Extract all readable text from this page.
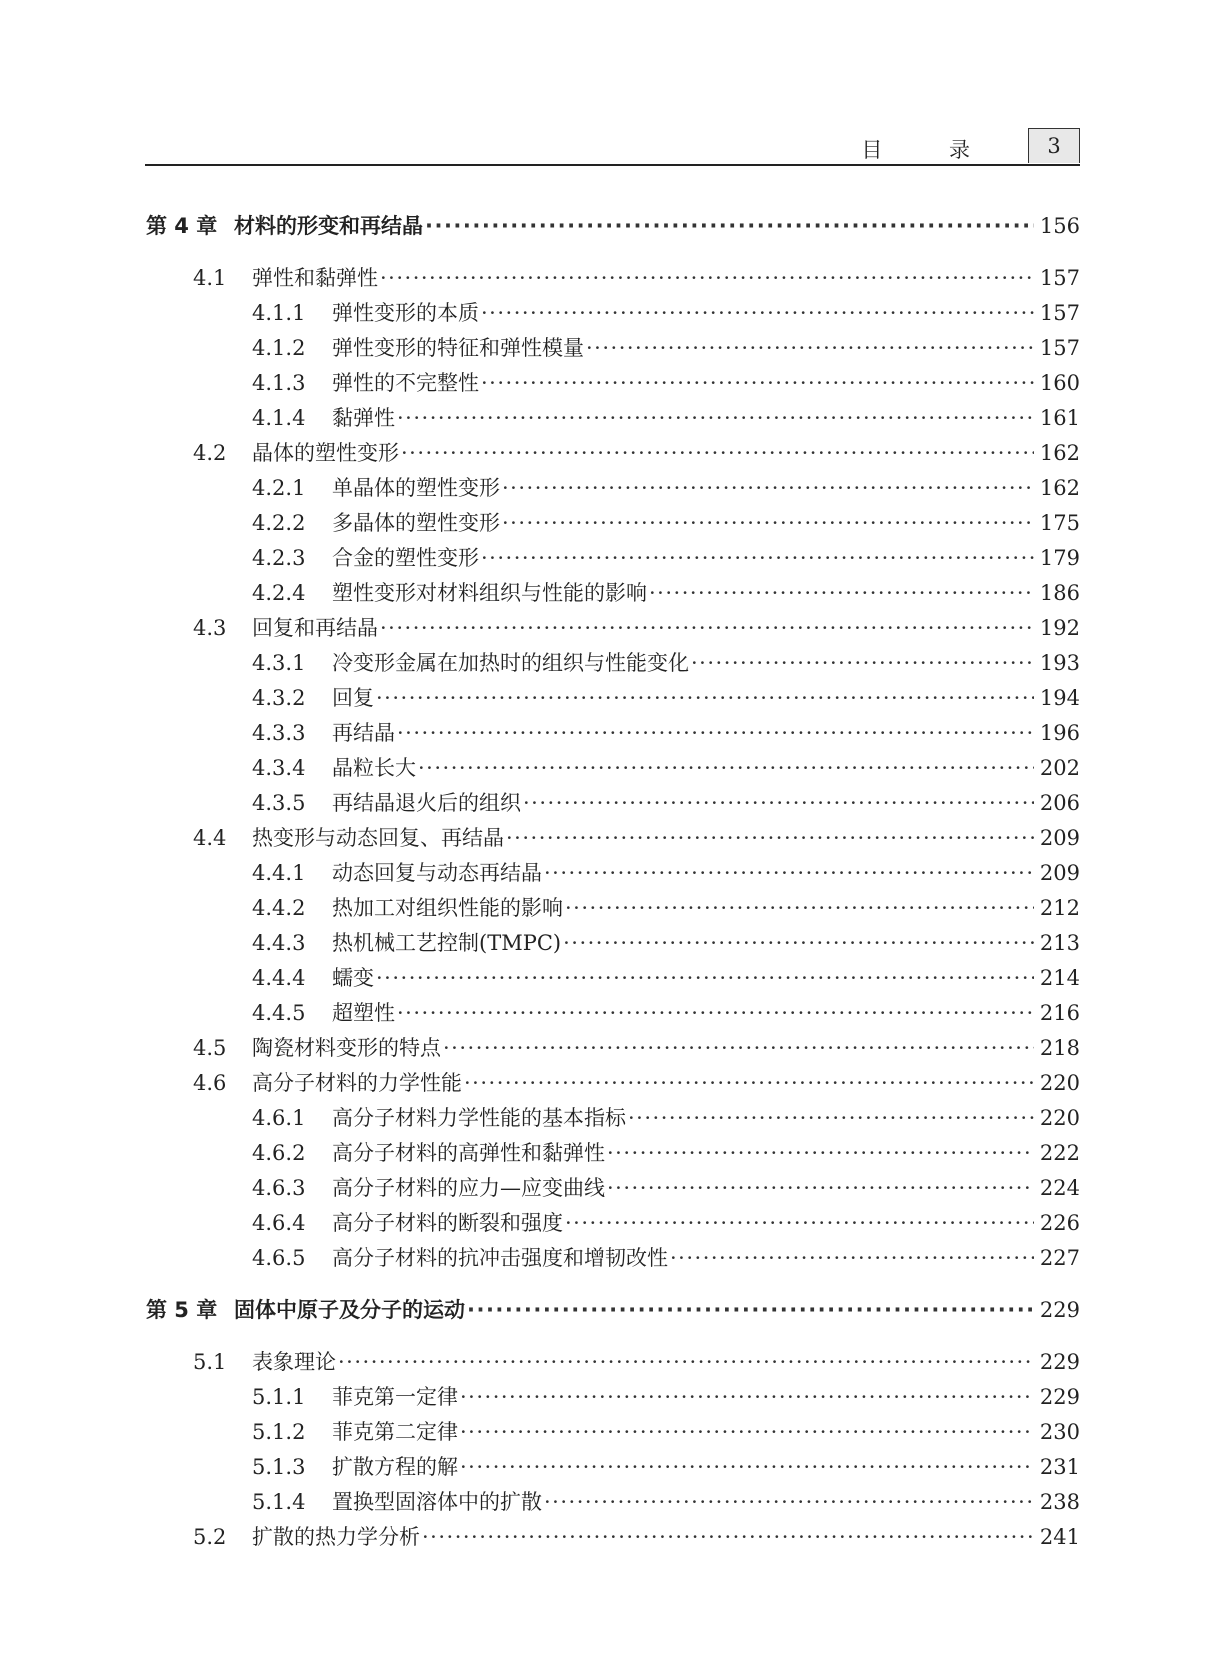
目 录	3
第 4 章 材料的形变和再结晶 ·····	156
4.1	弹性和黏弹性 ·····	157
4.1.1	弹性变形的本质 ·····	157
4.1.2	弹性变形的特征和弹性模量 ·····	157
4.1.3	弹性的不完整性 ·····	160
4.1.4	黏弹性 ·····	161
4.2	晶体的塑性变形 ·····	162
4.2.1	单晶体的塑性变形 ·····	162
4.2.2	多晶体的塑性变形 ·····	175
4.2.3	合金的塑性变形 ·····	179
4.2.4	塑性变形对材料组织与性能的影响 ·····	186
4.3	回复和再结晶 ·····	192
4.3.1	冷变形金属在加热时的组织与性能变化 ·····	193
4.3.2	回复 ·····	194
4.3.3	再结晶 ·····	196
4.3.4	晶粒长大 ·····	202
4.3.5	再结晶退火后的组织 ·····	206
4.4	热变形与动态回复、再结晶 ·····	209
4.4.1	动态回复与动态再结晶 ·····	209
4.4.2	热加工对组织性能的影响 ·····	212
4.4.3	热机械工艺控制(TMPC) ·····	213
4.4.4	蠕变 ·····	214
4.4.5	超塑性 ·····	216
4.5	陶瓷材料变形的特点 ·····	218
4.6	高分子材料的力学性能 ·····	220
4.6.1	高分子材料力学性能的基本指标 ·····	220
4.6.2	高分子材料的高弹性和黏弹性 ·····	222
4.6.3	高分子材料的应力—应变曲线 ·····	224
4.6.4	高分子材料的断裂和强度 ·····	226
4.6.5	高分子材料的抗冲击强度和增韧改性 ·····	227
第 5 章 固体中原子及分子的运动 ·····	229
5.1	表象理论 ·····	229
5.1.1	菲克第一定律 ·····	229
5.1.2	菲克第二定律 ·····	230
5.1.3	扩散方程的解 ·····	231
5.1.4	置换型固溶体中的扩散 ·····	238
5.2	扩散的热力学分析 ·····	241
